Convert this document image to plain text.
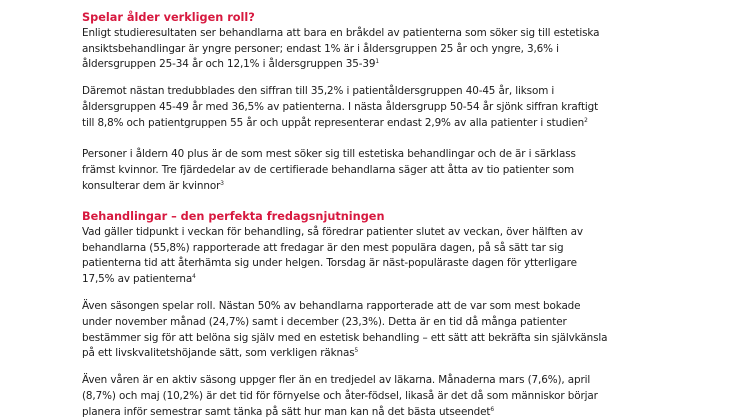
Spelar ålder verkligen roll?

Enligt studieresultaten ser behandlarna att bara en bråkdel av patienterna som söker sig till estetiska
ansiktsbehandlingar är yngre personer; endast 1% är i åldersgruppen 25 år och yngre, 3,6% i
åldersgruppen 25-34 år och 12,1% i åldersgruppen $35-39^1$

Däremot nästan tredubblades den siffran till 35,2% i patientåldersgruppen 40-45 år, liksom i
åldersgruppen 45-49 år med 36,5% av patienterna. I nästa åldersgrupp 50-54 år sjönk siffran kraftigt
till 8,8% och patientgruppen 55 år och uppåt representerar endast 2,9% av alla patienter i studien$^2$

Personer i åldern 40 plus är de som mest söker sig till estetiska behandlingar och de är i särklass
främst kvinnor. Tre fjärdedelar av de certifierade behandlarna säger att åtta av tio patienter som
konsulterar dem är kvinnor$^3$

Behandlingar – den perfekta fredagsnjutningen

Vad gäller tidpunkt i veckan för behandling, så föredrar patienter slutet av veckan, över hälften av
behandlarna (55,8%) rapporterade att fredagar är den mest populära dagen, på så sätt tar sig
patienterna tid att återhämta sig under helgen. Torsdag är näst-populäraste dagen för ytterligare
17,5% av patienterna$^4$

Även säsongen spelar roll. Nästan 50% av behandlarna rapporterade att de var som mest bokade
under november månad (24,7%) samt i december (23,3%). Detta är en tid då många patienter
bestämmer sig för att belöna sig själv med en estetisk behandling – ett sätt att bekräfta sin självkänsla
på ett livskvalitetshöjande sätt, som verkligen räknas$^5$

Även våren är en aktiv säsong uppger fler än en tredjedel av läkarna. Månaderna mars (7,6%), april
(8,7%) och maj (10,2%) är det tid för förnyelse och åter-födsel, likaså är det då som människor börjar
planera inför semestrar samt tänka på sätt hur man kan nå det bästa utseendet$^6$
